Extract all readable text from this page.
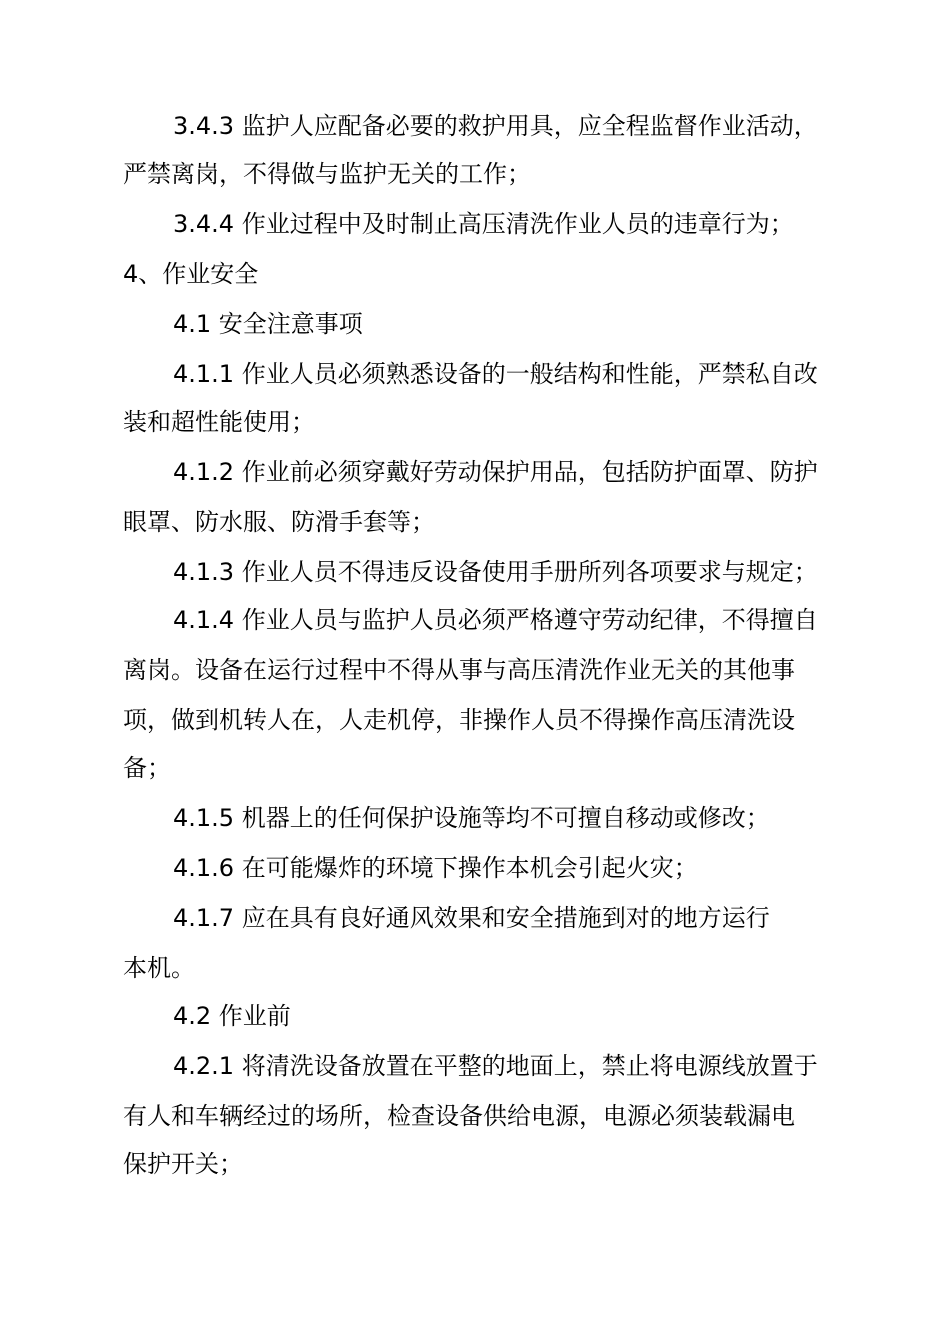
3.4.3 监护人应配备必要的救护用具，应全程监督作业活动，
严禁离岗，不得做与监护无关的工作；
3.4.4 作业过程中及时制止高压清洗作业人员的违章行为；
4、作业安全
4.1 安全注意事项
4.1.1 作业人员必须熟悉设备的一般结构和性能，严禁私自改
装和超性能使用；
4.1.2 作业前必须穿戴好劳动保护用品，包括防护面罩、防护
眼罩、防水服、防滑手套等；
4.1.3 作业人员不得违反设备使用手册所列各项要求与规定；
4.1.4 作业人员与监护人员必须严格遵守劳动纪律，不得擅自
离岗。设备在运行过程中不得从事与高压清洗作业无关的其他事
项，做到机转人在，人走机停，非操作人员不得操作高压清洗设
备；
4.1.5 机器上的任何保护设施等均不可擅自移动或修改；
4.1.6 在可能爆炸的环境下操作本机会引起火灾；
4.1.7 应在具有良好通风效果和安全措施到对的地方运行
本机。
4.2 作业前
4.2.1 将清洗设备放置在平整的地面上，禁止将电源线放置于
有人和车辆经过的场所，检查设备供给电源，电源必须装载漏电
保护开关；
